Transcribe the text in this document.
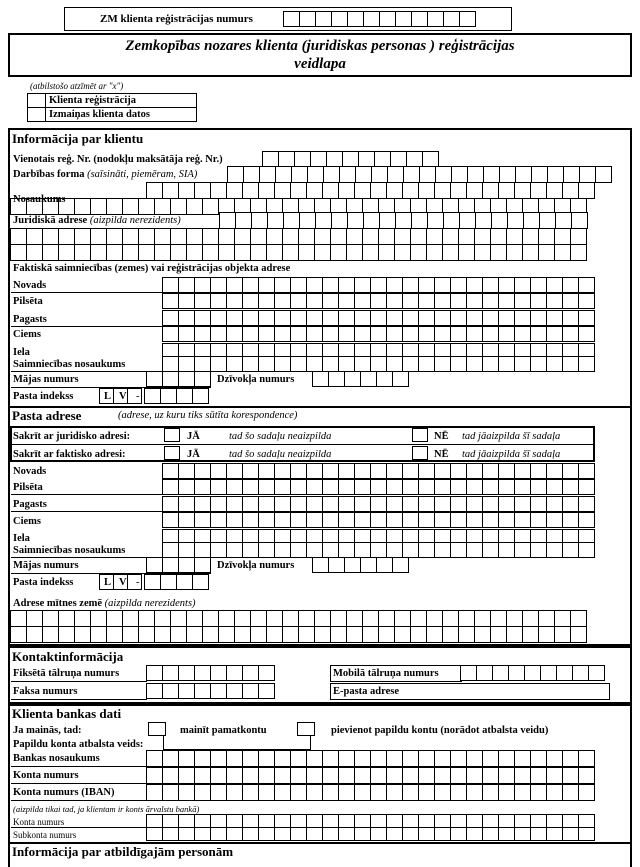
ZM klienta reģistrācijas numurs
Zemkopības nozares klienta (juridiskas personas ) reģistrācijas
veidlapa
(atbilstošo atzīmēt ar "x")
Klienta reģistrācija
Izmaiņas klienta datos
Informācija par klientu
Vienotais reģ. Nr. (nodokļu maksātāja reģ. Nr.)
Darbības forma (saīsināti, piemēram, SIA)
Nosaukums
Juridiskā adrese (aizpilda nerezidents)
Faktiskā saimniecības (zemes) vai reģistrācijas objekta adrese
Novads
Pilsēta
Pagasts
Ciems
Iela
Saimniecības nosaukums
Mājas numurs	Dzīvokļa numurs
Pasta indekss	L V -
Pasta adrese	(adrese, uz kuru tiks sūtīta korespondence)
Sakrīt ar juridisko adresi:	JĀ	tad šo sadaļu neaizpilda	NĒ tad jāaizpilda šī sadaļa
Sakrīt ar faktisko adresi:	JĀ	tad šo sadaļu neaizpilda	NĒ tad jāaizpilda šī sadaļa
Novads
Pilsēta
Pagasts
Ciems
Iela
Saimniecības nosaukums
Mājas numurs	Dzīvokļa numurs
Pasta indekss	L V -
Adrese mītnes zemē (aizpilda nerezidents)
Kontaktinformācija
Fiksētā tālruņa numurs	Mobilā tālruņa numurs
Faksa numurs	E-pasta adrese
Klienta bankas dati
Ja mainās, tad:	mainīt pamatkontu	pievienot papildu kontu (norādot atbalsta veidu)
Papildu konta atbalsta veids:
Bankas nosaukums
Konta numurs
Konta numurs (IBAN)
(aizpilda tikai tad, ja klientam ir konts ārvalstu bankā)
Konta numurs
Subkonta numurs
Informācija par atbildīgajām personām
